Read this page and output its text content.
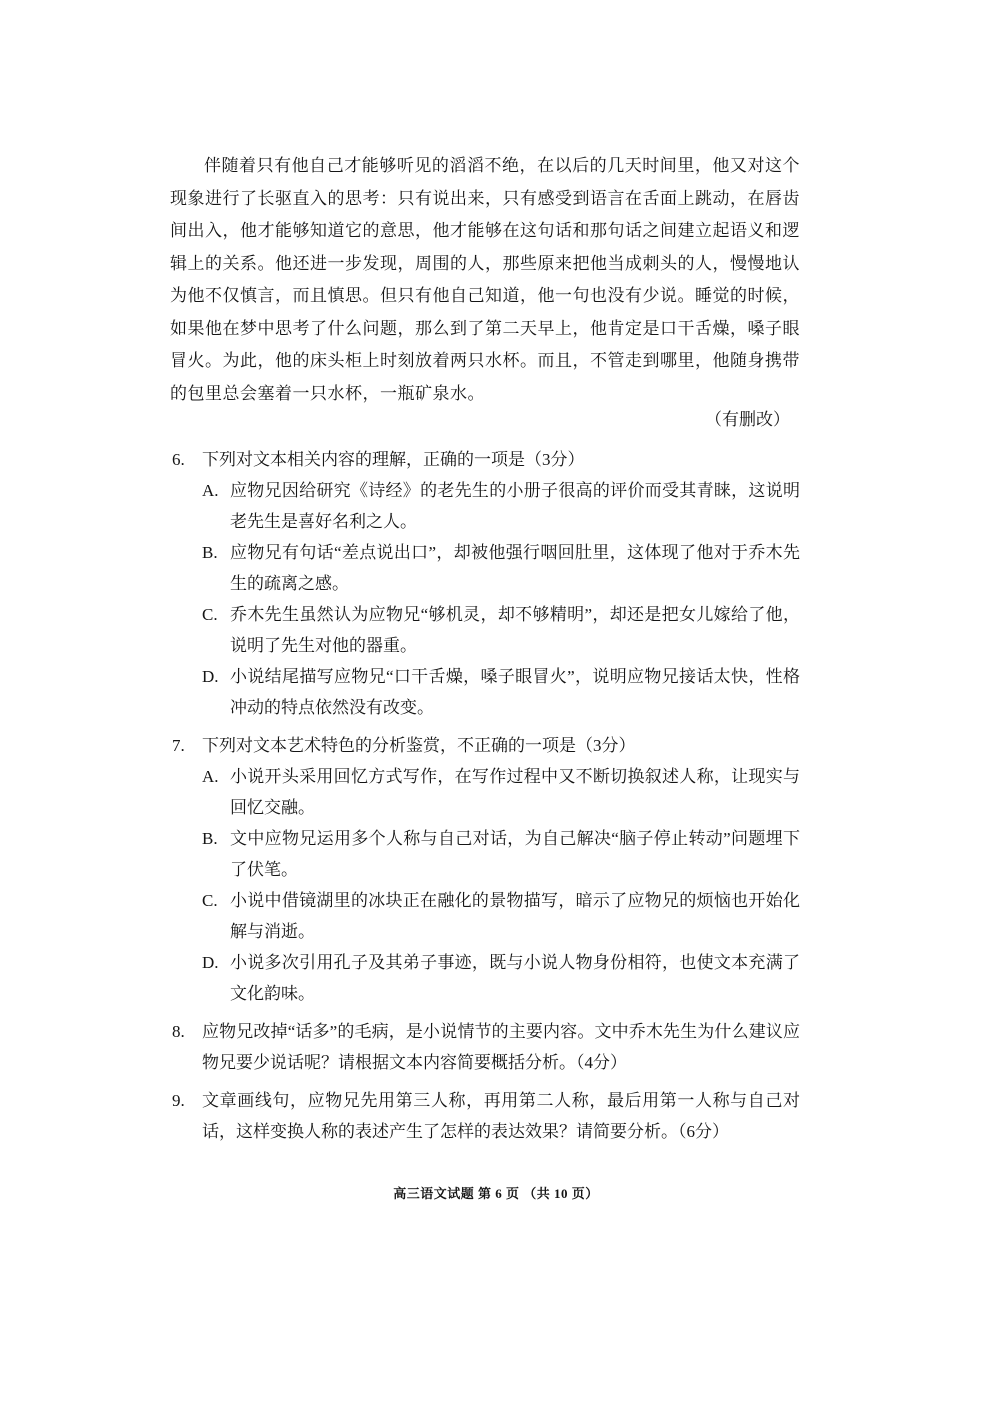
伴随着只有他自己才能够听见的滔滔不绝，在以后的几天时间里，他又对这个现象进行了长驱直入的思考：只有说出来，只有感受到语言在舌面上跳动，在唇齿间出入，他才能够知道它的意思，他才能够在这句话和那句话之间建立起语义和逻辑上的关系。他还进一步发现，周围的人，那些原来把他当成刺头的人，慢慢地认为他不仅慎言，而且慎思。但只有他自己知道，他一句也没有少说。睡觉的时候，如果他在梦中思考了什么问题，那么到了第二天早上，他肯定是口干舌燥，嗓子眼冒火。为此，他的床头柜上时刻放着两只水杯。而且，不管走到哪里，他随身携带的包里总会塞着一只水杯，一瓶矿泉水。
（有删改）
6.	下列对文本相关内容的理解，正确的一项是（3分）
A. 应物兄因给研究《诗经》的老先生的小册子很高的评价而受其青睐，这说明老先生是喜好名利之人。
B. 应物兄有句话“差点说出口”，却被他强行咽回肚里，这体现了他对于乔木先生的疏离之感。
C. 乔木先生虽然认为应物兄“够机灵，却不够精明”，却还是把女儿嫁给了他，说明了先生对他的器重。
D. 小说结尾描写应物兄“口干舌燥，嗓子眼冒火”，说明应物兄接话太快，性格冲动的特点依然没有改变。
7.	下列对文本艺术特色的分析鉴赏，不正确的一项是（3分）
A. 小说开头采用回忆方式写作，在写作过程中又不断切换叙述人称，让现实与回忆交融。
B. 文中应物兄运用多个人称与自己对话，为自己解决“脑子停止转动”问题埋下了伏笔。
C. 小说中借镜湖里的冰块正在融化的景物描写，暗示了应物兄的烦恼也开始化解与消逝。
D. 小说多次引用孔子及其弟子事迹，既与小说人物身份相符，也使文本充满了文化韵味。
8.	应物兄改掉“话多”的毛病，是小说情节的主要内容。文中乔木先生为什么建议应物兄要少说话呢？请根据文本内容简要概括分析。（4分）
9.	文章画线句，应物兄先用第三人称，再用第二人称，最后用第一人称与自己对话，这样变换人称的表述产生了怎样的表达效果？请简要分析。（6分）
高三语文试题 第 6 页 （共 10 页）
